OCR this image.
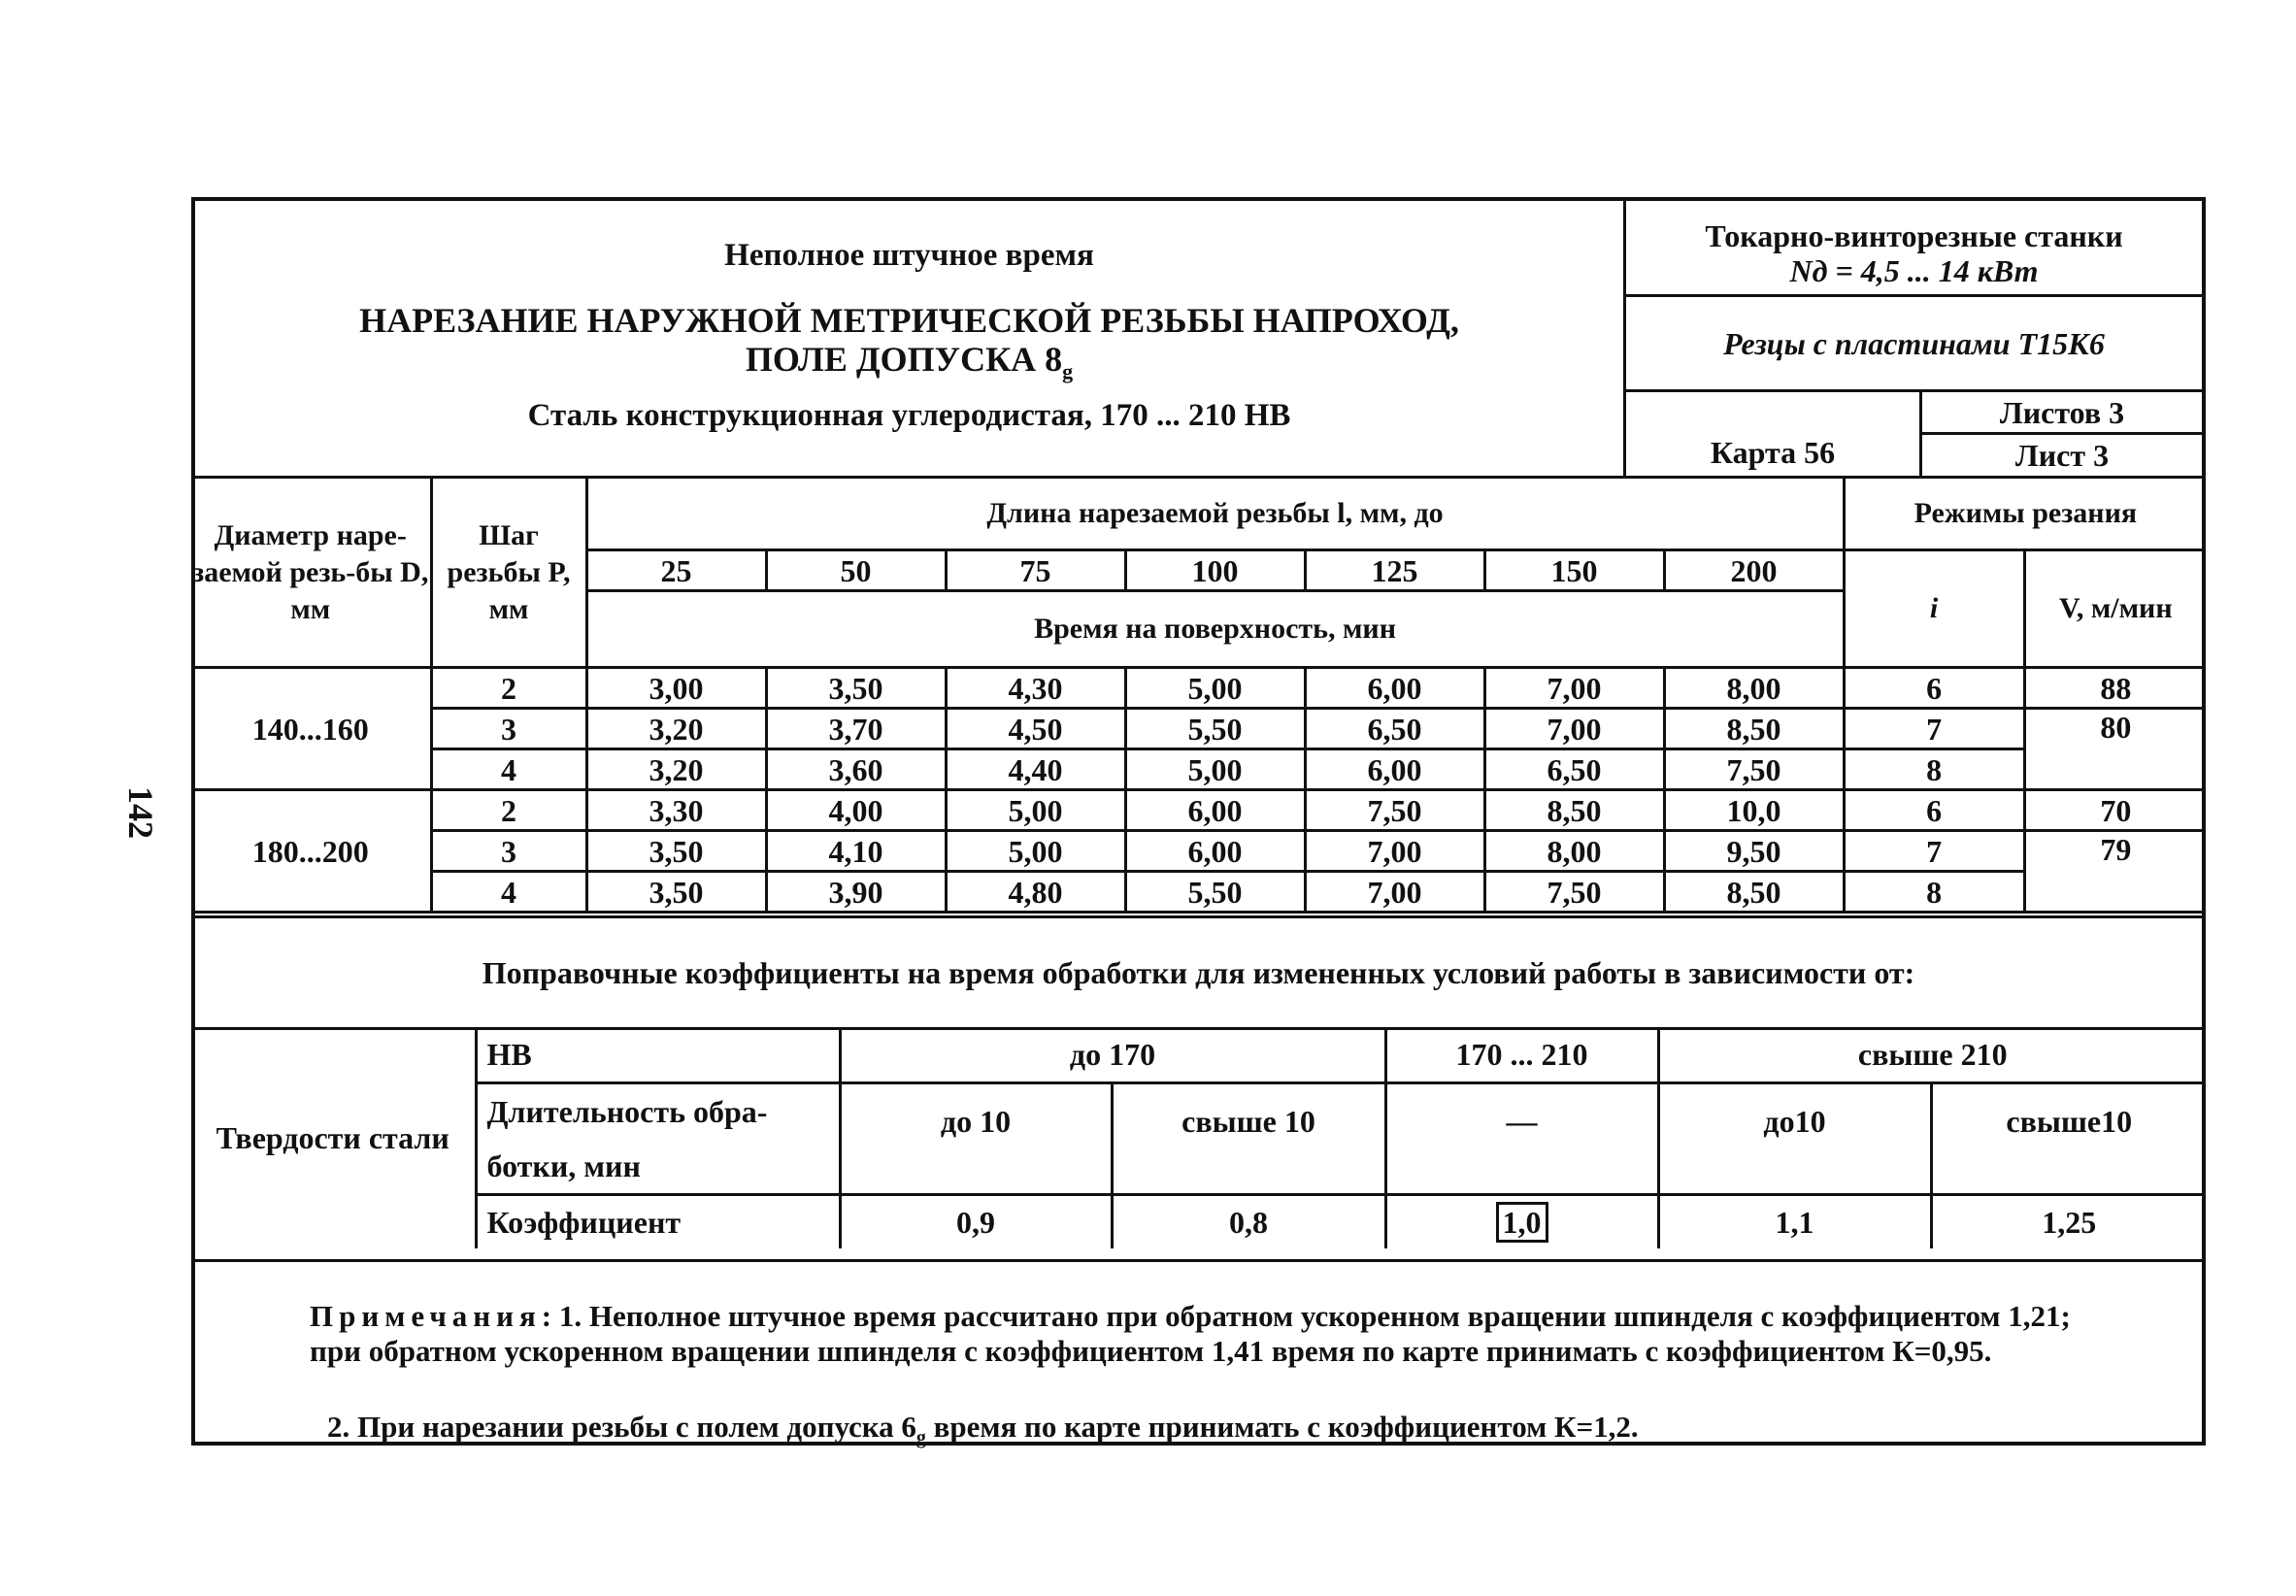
142
Неполное штучное время
НАРЕЗАНИЕ НАРУЖНОЙ МЕТРИЧЕСКОЙ РЕЗЬБЫ НАПРОХОД,
ПОЛЕ ДОПУСКА $8_g$
Сталь конструкционная углеродистая, 170 ... 210 НВ
Токарно-винторезные станки
Nд = 4,5 ... 14 кВт
Резцы с пластинами Т15К6
Карта 56
Листов 3
Лист 3
Диаметр наре-заемой резь-бы D, мм	Шаг резьбы P, мм	Длина нарезаемой резьбы l, мм, до							Режимы резания	
		25	50	75	100	125	150	200	i	V, м/мин
		Время на поверхность, мин								
140...160	2	3,00	3,50	4,30	5,00	6,00	7,00	8,00	6	88
	3	3,20	3,70	4,50	5,50	6,50	7,00	8,50	7	80
	4	3,20	3,60	4,40	5,00	6,00	6,50	7,50	8	
180...200	2	3,30	4,00	5,00	6,00	7,50	8,50	10,0	6	70
	3	3,50	4,10	5,00	6,00	7,00	8,00	9,50	7	79
	4	3,50	3,90	4,80	5,50	7,00	7,50	8,50	8	
Поправочные коэффициенты на время обработки для измененных условий работы в зависимости от:
Твердости стали	НВ	до 170		170 ... 210	свыше 210	

	Длительность обра-
ботки, мин	до 10	свыше 10	—	до10	свыше10
	Коэффициент	0,9	0,8	1,0	1,1	1,25
Примечания: 1. Неполное штучное время рассчитано при обратном ускоренном вращении шпинделя с коэффициентом 1,21; при обратном ускоренном вращении шпинделя с коэффициентом 1,41 время по карте принимать с коэффициентом К=0,95.
2. При нарезании резьбы с полем допуска $6_g$ время по карте принимать с коэффициентом К=1,2.
